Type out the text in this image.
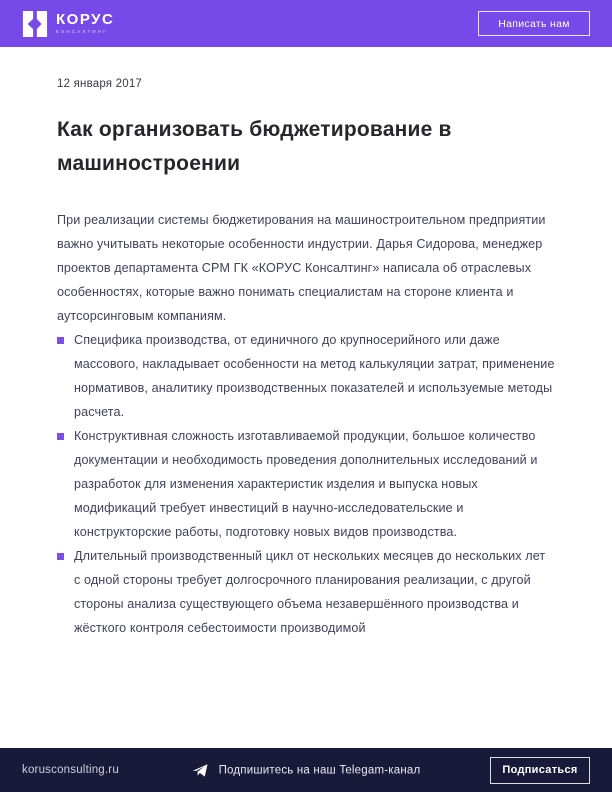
КОРУС
КОНСАЛТИНГ
Написать нам
12 января 2017
Как организовать бюджетирование в машиностроении

При реализации системы бюджетирования на машиностроительном предприятии важно учитывать некоторые особенности индустрии. Дарья Сидорова, менеджер проектов департамента CPM ГК «КОРУС Консалтинг» написала об отраслевых особенностях, которые важно понимать специалистам на стороне клиента и аутсорсинговым компаниям.

Специфика производства, от единичного до крупносерийного или даже массового, накладывает особенности на метод калькуляции затрат, применение нормативов, аналитику производственных показателей и используемые методы расчета.
Конструктивная сложность изготавливаемой продукции, большое количество документации и необходимость проведения дополнительных исследований и разработок для изменения характеристик изделия и выпуска новых модификаций требует инвестиций в научно-исследовательские и конструкторские работы, подготовку новых видов производства.
Длительный производственный цикл от нескольких месяцев до нескольких лет с одной стороны требует долгосрочного планирования реализации, с другой стороны анализа существующего объема незавершённого производства и жёсткого контроля себестоимости производимой
korusconsulting.ru	Подпишитесь на наш Telegam-канал	Подписаться
